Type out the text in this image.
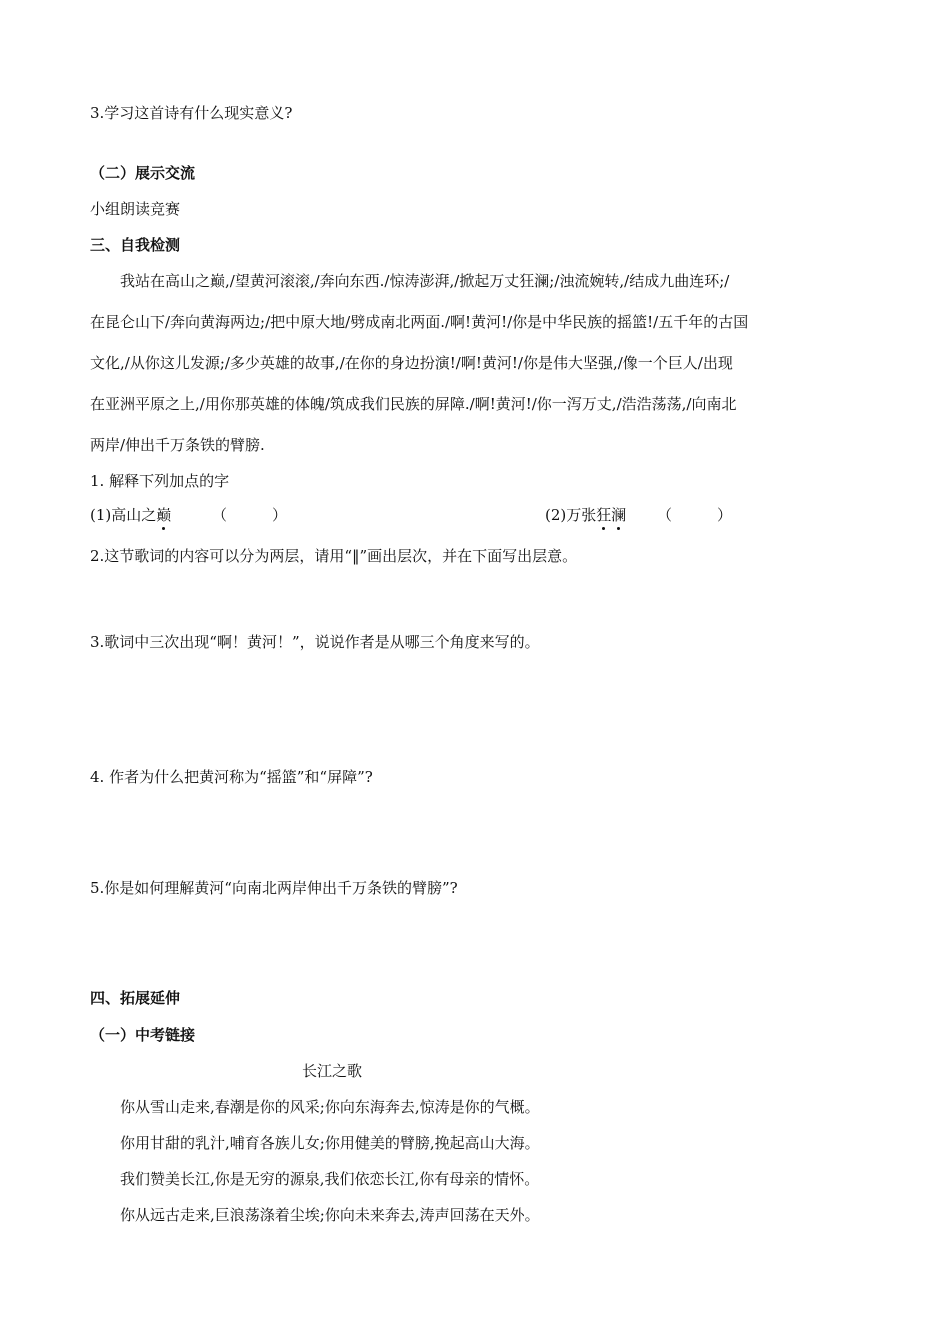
3.学习这首诗有什么现实意义?
（二）展示交流
小组朗读竞赛
三、自我检测
　　我站在高山之巅,/望黄河滚滚,/奔向东西./惊涛澎湃,/掀起万丈狂澜;/浊流婉转,/结成九曲连环;/
在昆仑山下/奔向黄海两边;/把中原大地/劈成南北两面./啊!黄河!/你是中华民族的摇篮!/五千年的古国
文化,/从你这儿发源;/多少英雄的故事,/在你的身边扮演!/啊!黄河!/你是伟大坚强,/像一个巨人/出现
在亚洲平原之上,/用你那英雄的体魄/筑成我们民族的屏障./啊!黄河!/你一泻万丈,/浩浩荡荡,/向南北
两岸/伸出千万条铁的臂膀.
1. 解释下列加点的字
(1)高山之巅	（　　　）	(2)万张狂澜 （　　　）
2.这节歌词的内容可以分为两层，请用“‖”画出层次，并在下面写出层意。
3.歌词中三次出现“啊！黄河！”，说说作者是从哪三个角度来写的。
4. 作者为什么把黄河称为“摇篮”和“屏障”?
5.你是如何理解黄河“向南北两岸伸出千万条铁的臂膀”?
四、拓展延伸
（一）中考链接
长江之歌
　　你从雪山走来,春潮是你的风采;你向东海奔去,惊涛是你的气概。
　　你用甘甜的乳汁,哺育各族儿女;你用健美的臂膀,挽起高山大海。
　　我们赞美长江,你是无穷的源泉,我们依恋长江,你有母亲的情怀。
　　你从远古走来,巨浪荡涤着尘埃;你向未来奔去,涛声回荡在天外。
